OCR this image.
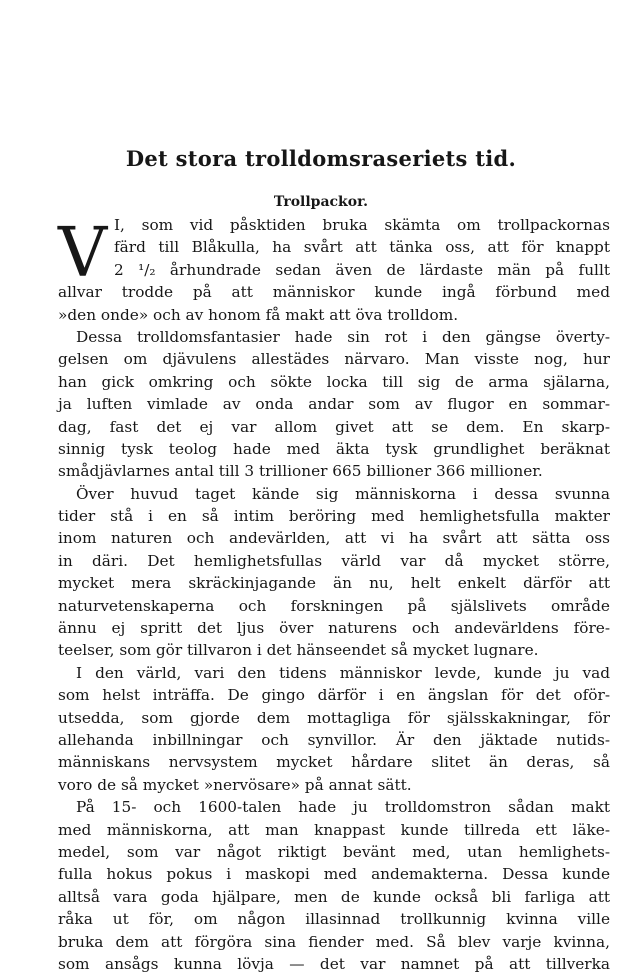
Det stora trolldomsraseriets tid.
Trollpackor.
V I, som vid påsktiden bruka skämta om trollpackornas
färd till Blåkulla, ha svårt att tänka oss, att för knappt
2 ¹/₂ århundrade sedan även de lärdaste män på fullt
allvar trodde på att människor kunde ingå förbund med
»den onde» och av honom få makt att öva trolldom.
Dessa trolldomsfantasier hade sin rot i den gängse överty-
gelsen om djävulens allestädes närvaro. Man visste nog, hur
han gick omkring och sökte locka till sig de arma själarna,
ja luften vimlade av onda andar som av flugor en sommar-
dag, fast det ej var allom givet att se dem. En skarp-
sinnig tysk teolog hade med äkta tysk grundlighet beräknat
smådjävlarnes antal till 3 trillioner 665 billioner 366 millioner.
Över huvud taget kände sig människorna i dessa svunna
tider stå i en så intim beröring med hemlighetsfulla makter
inom naturen och andevärlden, att vi ha svårt att sätta oss
in däri. Det hemlighetsfullas värld var då mycket större,
mycket mera skräckinjagande än nu, helt enkelt därför att
naturvetenskaperna och forskningen på själslivets område
ännu ej spritt det ljus över naturens och andevärldens före-
teelser, som gör tillvaron i det hänseendet så mycket lugnare.
I den värld, vari den tidens människor levde, kunde ju vad
som helst inträffa. De gingo därför i en ängslan för det oför-
utsedda, som gjorde dem mottagliga för själsskakningar, för
allehanda inbillningar och synvillor. Är den jäktade nutids-
människans nervsystem mycket hårdare slitet än deras, så
voro de så mycket »nervösare» på annat sätt.
På 15- och 1600-talen hade ju trolldomstron sådan makt
med människorna, att man knappast kunde tillreda ett läke-
medel, som var något riktigt bevänt med, utan hemlighets-
fulla hokus pokus i maskopi med andemakterna. Dessa kunde
alltså vara goda hjälpare, men de kunde också bli farliga att
råka ut för, om någon illasinnad trollkunnig kvinna ville
bruka dem att förgöra sina fiender med. Så blev varje kvinna,
som ansågs kunna lövja — det var namnet på att tillverka
